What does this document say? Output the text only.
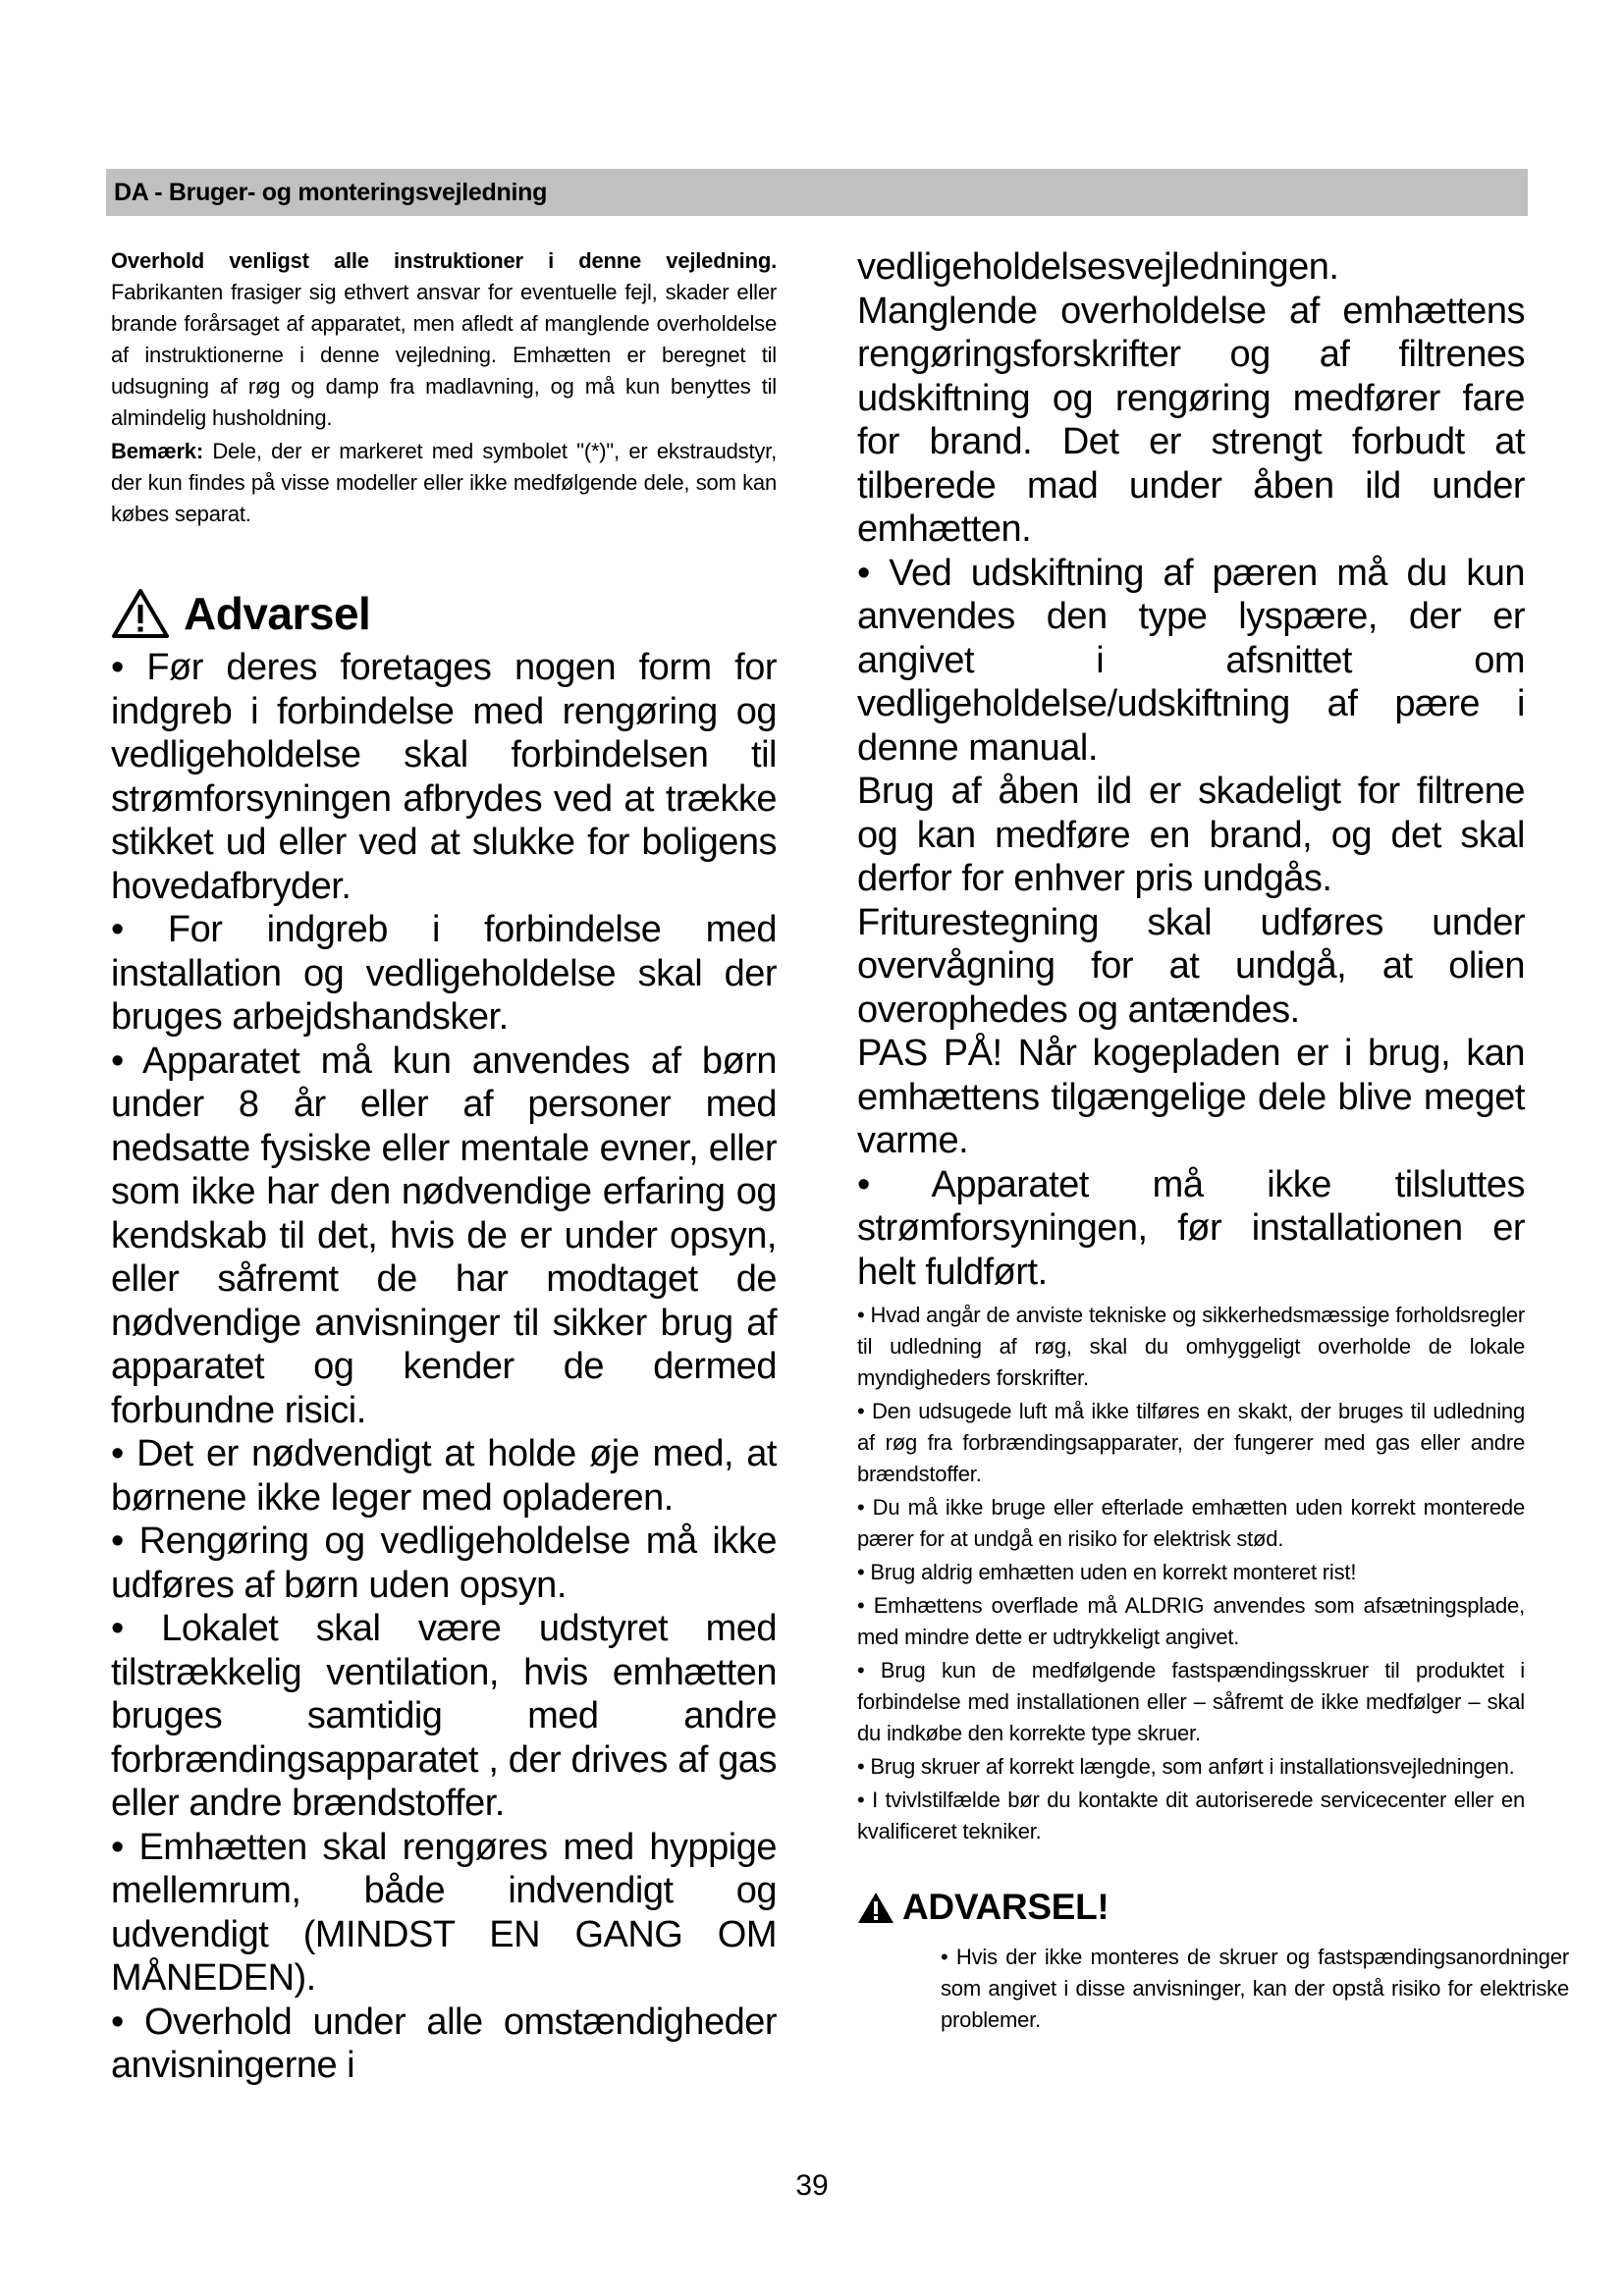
DA - Bruger- og monteringsvejledning

Overhold venligst alle instruktioner i denne vejledning. Fabrikanten frasiger sig ethvert ansvar for eventuelle fejl, skader eller brande forårsaget af apparatet, men afledt af manglende overholdelse af instruktionerne i denne vejledning. Emhætten er beregnet til udsugning af røg og damp fra madlavning, og må kun benyttes til almindelig husholdning.

Bemærk: Dele, der er markeret med symbolet "(*)", er ekstraudstyr, der kun findes på visse modeller eller ikke medfølgende dele, som kan købes separat.

Advarsel

• Før deres foretages nogen form for indgreb i forbindelse med rengøring og vedligeholdelse skal forbindelsen til strømforsyningen afbrydes ved at trække stikket ud eller ved at slukke for boligens hovedafbryder.

• For indgreb i forbindelse med installation og vedligeholdelse skal der bruges arbejdshandsker.

• Apparatet må kun anvendes af børn under 8 år eller af personer med nedsatte fysiske eller mentale evner, eller som ikke har den nødvendige erfaring og kendskab til det, hvis de er under opsyn, eller såfremt de har modtaget de nødvendige anvisninger til sikker brug af apparatet og kender de dermed forbundne risici.

• Det er nødvendigt at holde øje med, at børnene ikke leger med opladeren.

• Rengøring og vedligeholdelse må ikke udføres af børn uden opsyn.

• Lokalet skal være udstyret med tilstrækkelig ventilation, hvis emhætten bruges samtidig med andre forbrændingsapparatet , der drives af gas eller andre brændstoffer.

• Emhætten skal rengøres med hyppige mellemrum, både indvendigt og udvendigt (MINDST EN GANG OM MÅNEDEN).

• Overhold under alle omstændigheder anvisningerne i

vedligeholdelsesvejledningen.

Manglende overholdelse af emhættens rengøringsforskrifter og af filtrenes udskiftning og rengøring medfører fare for brand. Det er strengt forbudt at tilberede mad under åben ild under emhætten.

• Ved udskiftning af pæren må du kun anvendes den type lyspære, der er angivet i afsnittet om vedligeholdelse/udskiftning af pære i denne manual.

Brug af åben ild er skadeligt for filtrene og kan medføre en brand, og det skal derfor for enhver pris undgås.

Friturestegning skal udføres under overvågning for at undgå, at olien overophedes og antændes.

PAS PÅ! Når kogepladen er i brug, kan emhættens tilgængelige dele blive meget varme.

• Apparatet må ikke tilsluttes strømforsyningen, før installationen er helt fuldført.

• Hvad angår de anviste tekniske og sikkerhedsmæssige forholdsregler til udledning af røg, skal du omhyggeligt overholde de lokale myndigheders forskrifter.

• Den udsugede luft må ikke tilføres en skakt, der bruges til udledning af røg fra forbrændingsapparater, der fungerer med gas eller andre brændstoffer.

• Du må ikke bruge eller efterlade emhætten uden korrekt monterede pærer for at undgå en risiko for elektrisk stød.

• Brug aldrig emhætten uden en korrekt monteret rist!

• Emhættens overflade må ALDRIG anvendes som afsætningsplade, med mindre dette er udtrykkeligt angivet.

• Brug kun de medfølgende fastspændingsskruer til produktet i forbindelse med installationen eller – såfremt de ikke medfølger – skal du indkøbe den korrekte type skruer.

• Brug skruer af korrekt længde, som anført i installationsvejledningen.

• I tvivlstilfælde bør du kontakte dit autoriserede servicecenter eller en kvalificeret tekniker.

ADVARSEL!

• Hvis der ikke monteres de skruer og fastspændingsanordninger som angivet i disse anvisninger, kan der opstå risiko for elektriske problemer.

39
